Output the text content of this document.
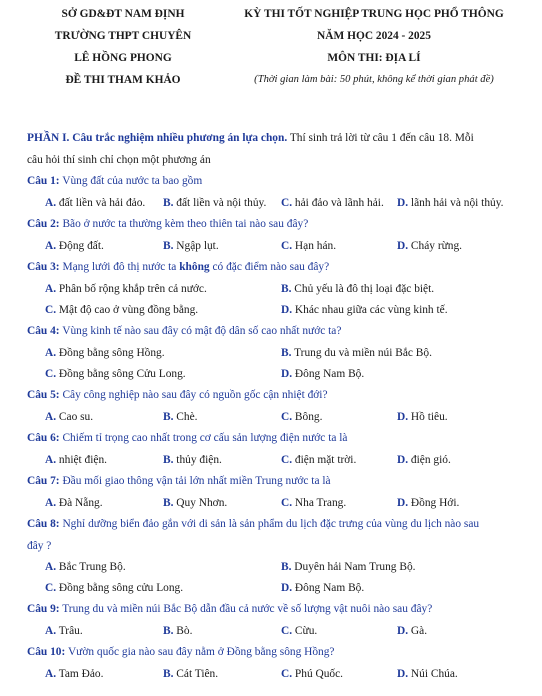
SỞ GD&ĐT NAM ĐỊNH
TRƯỜNG THPT CHUYÊN
LÊ HỒNG PHONG
ĐỀ THI THAM KHẢO
KỲ THI TỐT NGHIỆP TRUNG HỌC PHỔ THÔNG
NĂM HỌC 2024 - 2025
MÔN THI: ĐỊA LÍ
(Thời gian làm bài: 50 phút, không kể thời gian phát đề)
PHẦN I. Câu trắc nghiệm nhiều phương án lựa chọn. Thí sinh trả lời từ câu 1 đến câu 18. Mỗi
câu hỏi thí sinh chỉ chọn một phương án
Câu 1: Vùng đất của nước ta bao gồm
A. đất liền và hải đảo. B. đất liền và nội thủy. C. hải đảo và lãnh hải. D. lãnh hải và nội thủy.
Câu 2: Bão ở nước ta thường kèm theo thiên tai nào sau đây?
A. Động đất.	B. Ngập lụt.	C. Hạn hán.	D. Cháy rừng.
Câu 3: Mạng lưới đô thị nước ta không có đặc điểm nào sau đây?
A. Phân bố rộng khắp trên cả nước.	B. Chủ yếu là đô thị loại đặc biệt.
C. Mật độ cao ở vùng đồng bằng.	D. Khác nhau giữa các vùng kinh tế.
Câu 4: Vùng kinh tế nào sau đây có mật độ dân số cao nhất nước ta?
A. Đồng bằng sông Hồng.	B. Trung du và miền núi Bắc Bộ.
C. Đồng bằng sông Cửu Long.	D. Đông Nam Bộ.
Câu 5: Cây công nghiệp nào sau đây có nguồn gốc cận nhiệt đới?
A. Cao su.	B. Chè.	C. Bông.	D. Hồ tiêu.
Câu 6: Chiếm tỉ trọng cao nhất trong cơ cấu sản lượng điện nước ta là
A. nhiệt điện.	B. thủy điện.	C. điện mặt trời.	D. điện gió.
Câu 7: Đầu mối giao thông vận tải lớn nhất miền Trung nước ta là
A. Đà Nẵng.	B. Quy Nhơn.	C. Nha Trang.	D. Đồng Hới.
Câu 8: Nghỉ dưỡng biển đảo gắn với di sản là sản phẩm du lịch đặc trưng của vùng du lịch nào sau
đây ?
A. Bắc Trung Bộ.	B. Duyên hải Nam Trung Bộ.
C. Đồng bằng sông cửu Long.	D. Đông Nam Bộ.
Câu 9: Trung du và miền núi Bắc Bộ dẫn đầu cả nước về số lượng vật nuôi nào sau đây?
A. Trâu.	B. Bò.	C. Cừu.	D. Gà.
Câu 10: Vườn quốc gia nào sau đây nằm ở Đồng bằng sông Hồng?
A. Tam Đảo.	B. Cát Tiên.	C. Phú Quốc.	D. Núi Chúa.
